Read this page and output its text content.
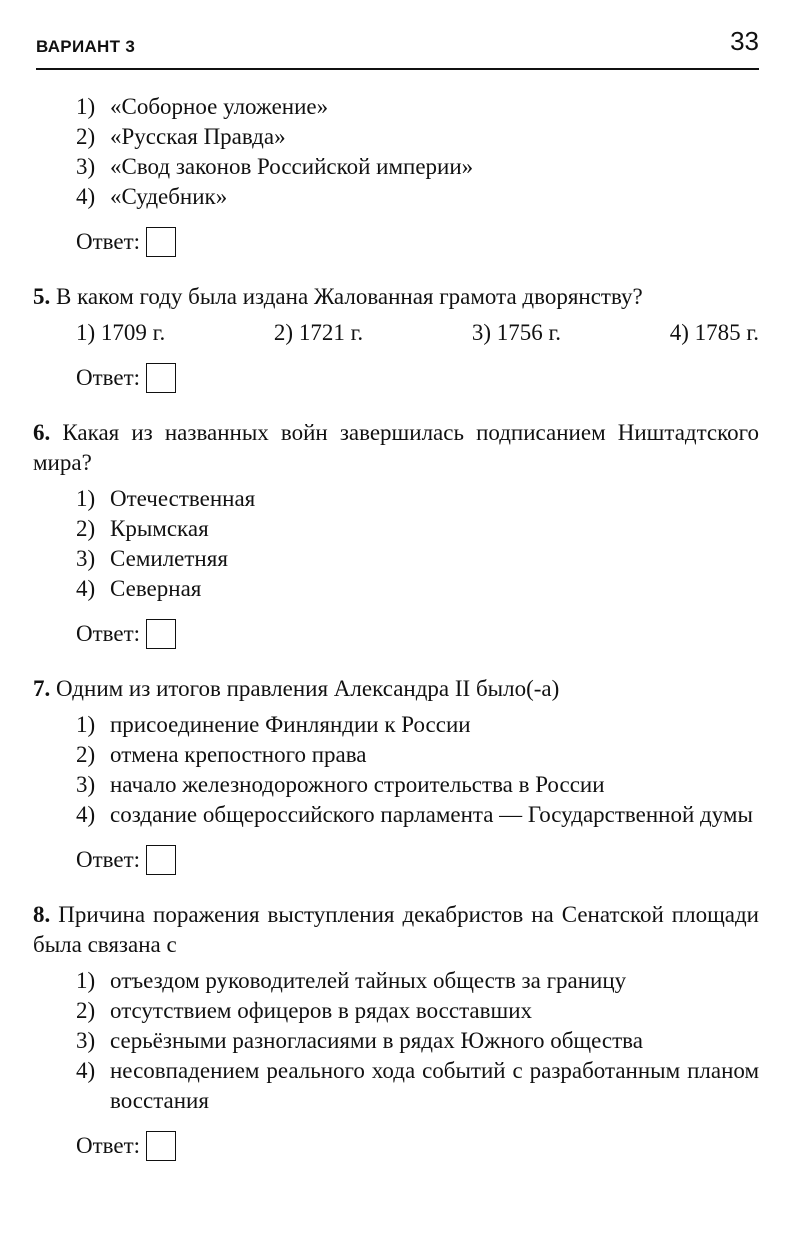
ВАРИАНТ 3	33

1) «Соборное уложение»

2) «Русская Правда»

3) «Свод законов Российской империи»

4) «Судебник»

Ответ:

5. В каком году была издана Жалованная грамота дворянству?

1) 1709 г.	2) 1721 г.	3) 1756 г.	4) 1785 г.
Ответ:

6. Какая из названных войн завершилась подписанием Ништадтского мира?

1) Отечественная

2) Крымская

3) Семилетняя

4) Северная

Ответ:

7. Одним из итогов правления Александра II было(-а)

1) присоединение Финляндии к России

2) отмена крепостного права

3) начало железнодорожного строительства в России

4) создание общероссийского парламента — Государственной думы

Ответ:

8. Причина поражения выступления декабристов на Сенатской площади была связана с

1) отъездом руководителей тайных обществ за границу

2) отсутствием офицеров в рядах восставших

3) серьёзными разногласиями в рядах Южного общества

4) несовпадением реального хода событий с разработанным планом восстания

Ответ:
